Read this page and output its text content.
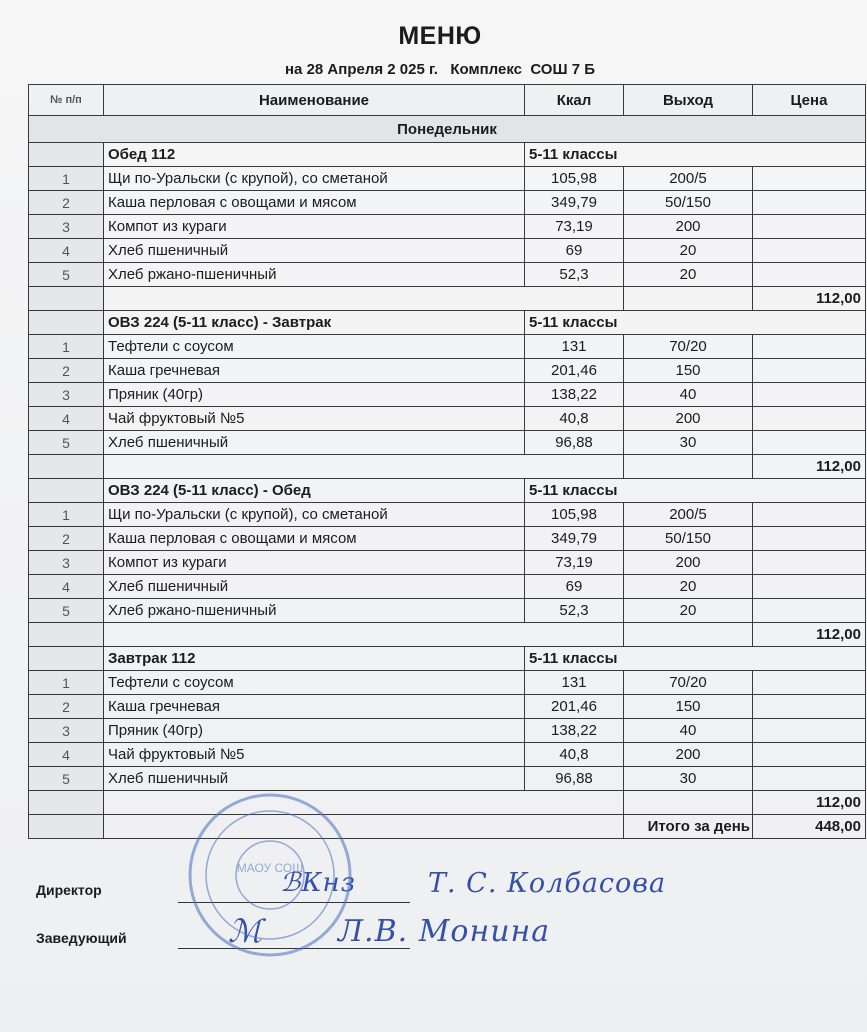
МЕНЮ
на 28 Апреля 2 025 г.   Комплекс  СОШ 7 Б
№ п/п	Наименование	Ккал	Выход	Цена
Понедельник				
	Обед 112	5-11 классы		
1	Щи по-Уральски (с крупой), со сметаной	105,98	200/5	
2	Каша перловая с овощами и мясом	349,79	50/150	
3	Компот из кураги	73,19	200	
4	Хлеб пшеничный	69	20	
5	Хлеб ржано-пшеничный	52,3	20	
				112,00
	ОВЗ 224 (5-11 класс) - Завтрак	5-11 классы		
1	Тефтели с соусом	131	70/20	
2	Каша гречневая	201,46	150	
3	Пряник (40гр)	138,22	40	
4	Чай фруктовый №5	40,8	200	
5	Хлеб пшеничный	96,88	30	
				112,00
	ОВЗ 224 (5-11 класс) - Обед	5-11 классы		
1	Щи по-Уральски (с крупой), со сметаной	105,98	200/5	
2	Каша перловая с овощами и мясом	349,79	50/150	
3	Компот из кураги	73,19	200	
4	Хлеб пшеничный	69	20	
5	Хлеб ржано-пшеничный	52,3	20	
				112,00
	Завтрак 112	5-11 классы		
1	Тефтели с соусом	131	70/20	
2	Каша гречневая	201,46	150	
3	Пряник (40гр)	138,22	40	
4	Чай фруктовый №5	40,8	200	
5	Хлеб пшеничный	96,88	30	
				112,00
			Итого за день	448,00
Директор	ℬКнз	Т. С. Колбасова
Заведующий	ℳ Л.В. Монина
МАОУ СОШ
